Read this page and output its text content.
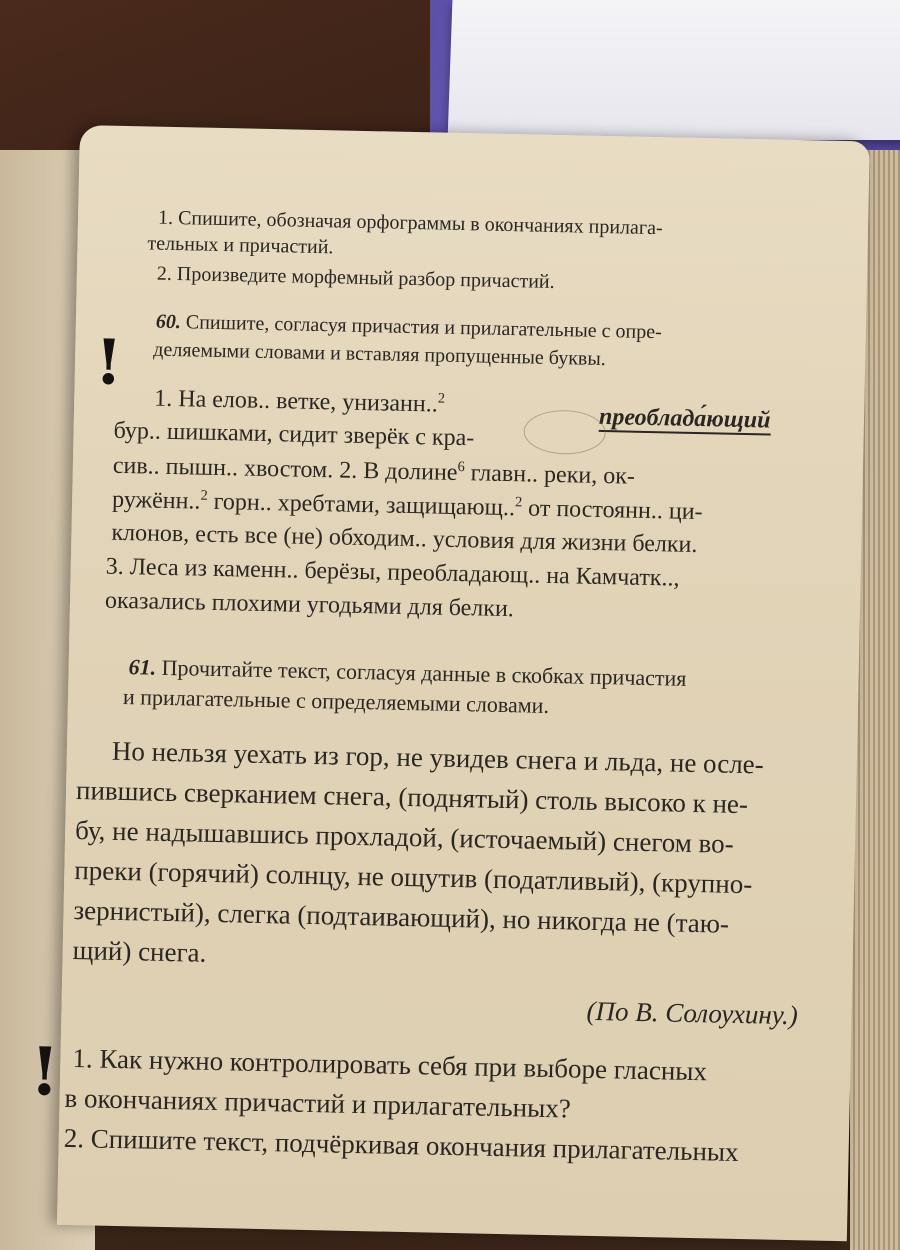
1. Спишите, обозначая орфограммы в окончаниях прилага-
тельных и причастий.
2. Произведите морфемный разбор причастий.
!
60. Спишите, согласуя причастия и прилагательные с опре-
деляемыми словами и вставляя пропущенные буквы.
1. На елов.. ветке, унизанн..$^2$
преоблада́ющий
бур.. шишками, сидит зверёк с кра-
сив.. пышн.. хвостом. 2. В долине$^6$ главн.. реки, ок-
ружённ..$^2$ горн.. хребтами, защищающ..$^2$ от постоянн.. ци-
клонов, есть все (не) обходим.. условия для жизни белки.
3. Леса из каменн.. берёзы, преобладающ.. на Камчатк..,
оказались плохими угодьями для белки.
61. Прочитайте текст, согласуя данные в скобках причастия
и прилагательные с определяемыми словами.
Но нельзя уехать из гор, не увидев снега и льда, не осле-
пившись сверканием снега, (поднятый) столь высоко к не-
бу, не надышавшись прохладой, (источаемый) снегом во-
преки (горячий) солнцу, не ощутив (податливый), (крупно-
зернистый), слегка (подтаивающий), но никогда не (таю-
щий) снега.
(По В. Солоухину.)
! 1. Как нужно контролировать себя при выборе гласных
в окончаниях причастий и прилагательных?
2. Спишите текст, подчёркивая окончания прилагательных
